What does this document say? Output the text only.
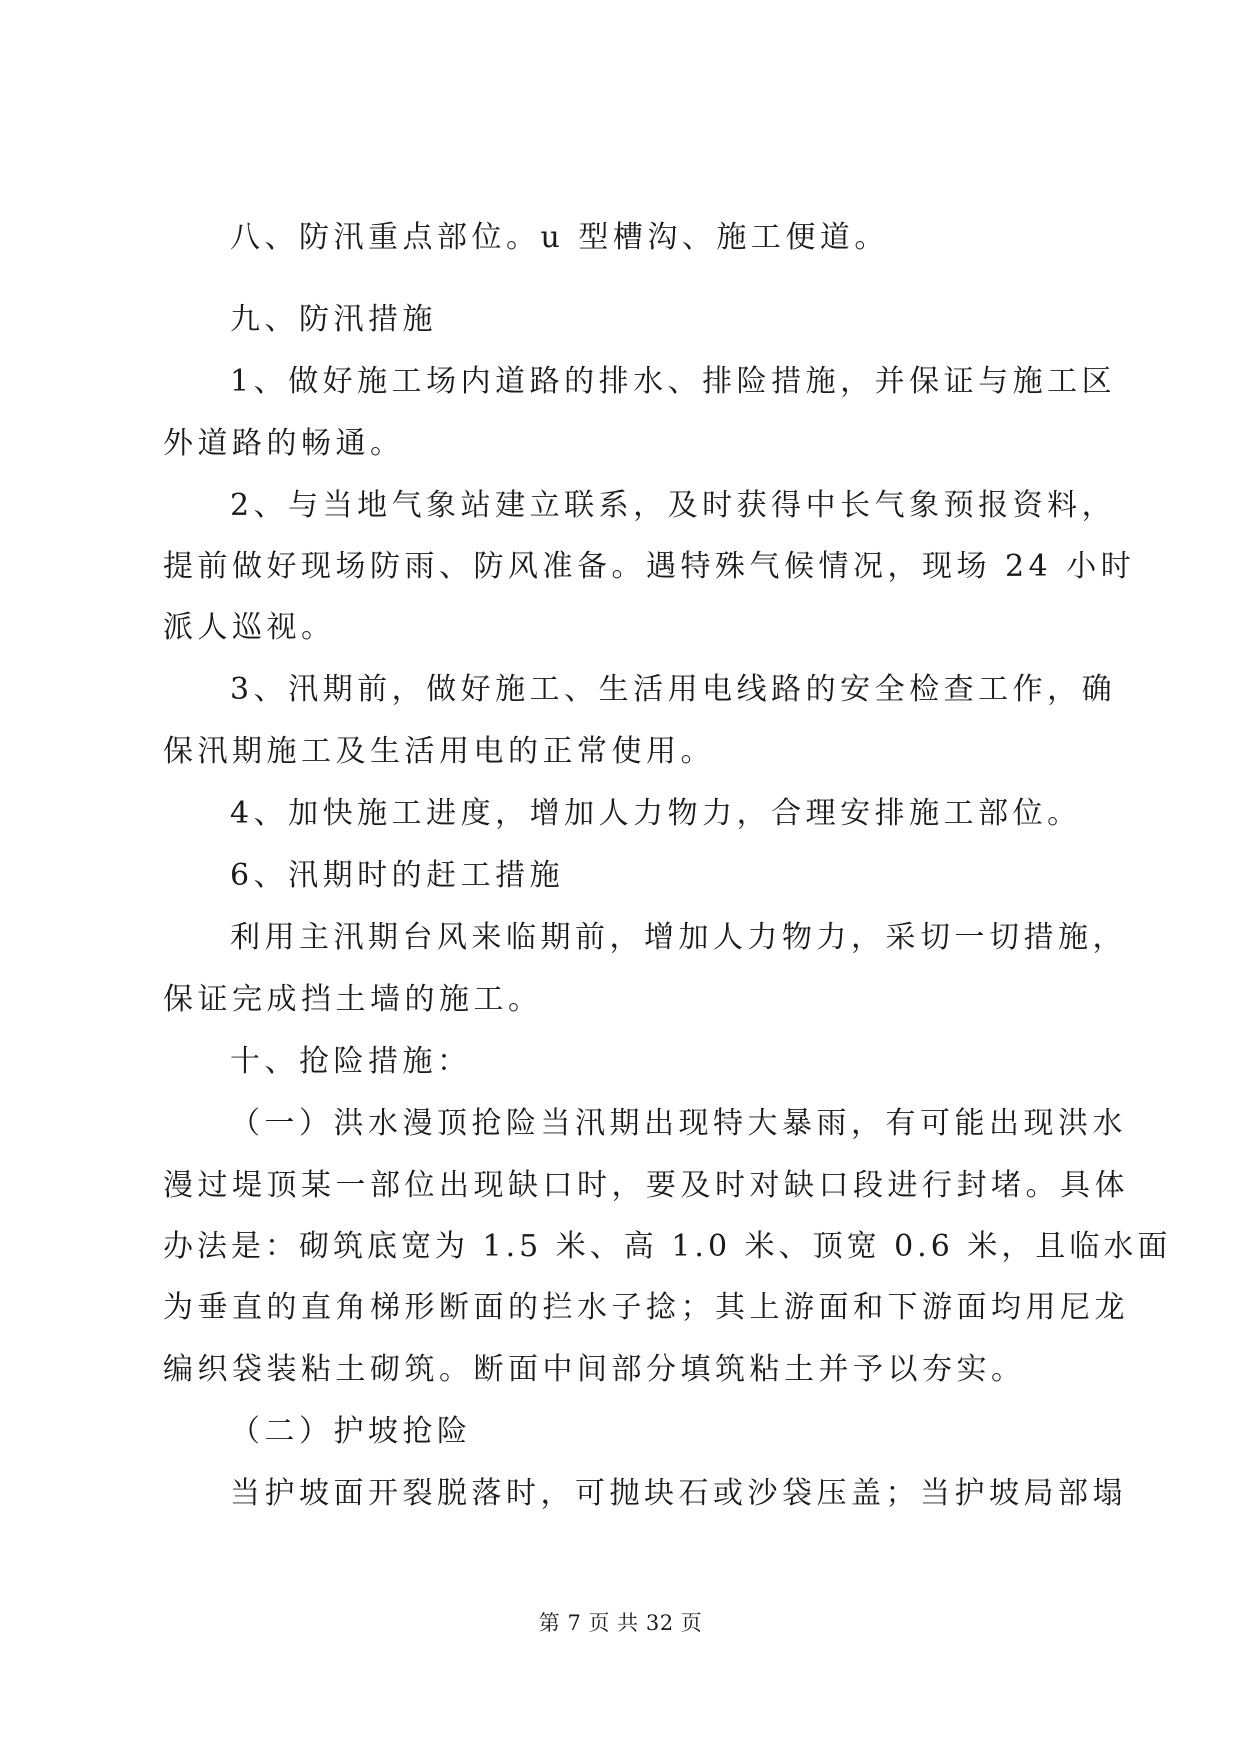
八、防汛重点部位。u 型槽沟、施工便道。
九、防汛措施
1、做好施工场内道路的排水、排险措施，并保证与施工区
外道路的畅通。
2、与当地气象站建立联系，及时获得中长气象预报资料，
提前做好现场防雨、防风准备。遇特殊气候情况，现场 24 小时
派人巡视。
3、汛期前，做好施工、生活用电线路的安全检查工作，确
保汛期施工及生活用电的正常使用。
4、加快施工进度，增加人力物力，合理安排施工部位。
6、汛期时的赶工措施
利用主汛期台风来临期前，增加人力物力，采切一切措施，
保证完成挡土墙的施工。
十、抢险措施：
（一）洪水漫顶抢险当汛期出现特大暴雨，有可能出现洪水
漫过堤顶某一部位出现缺口时，要及时对缺口段进行封堵。具体
办法是：砌筑底宽为 1.5 米、高 1.0 米、顶宽 0.6 米，且临水面
为垂直的直角梯形断面的拦水子捻；其上游面和下游面均用尼龙
编织袋装粘土砌筑。断面中间部分填筑粘土并予以夯实。
（二）护坡抢险
当护坡面开裂脱落时，可抛块石或沙袋压盖；当护坡局部塌
第 7 页 共 32 页
